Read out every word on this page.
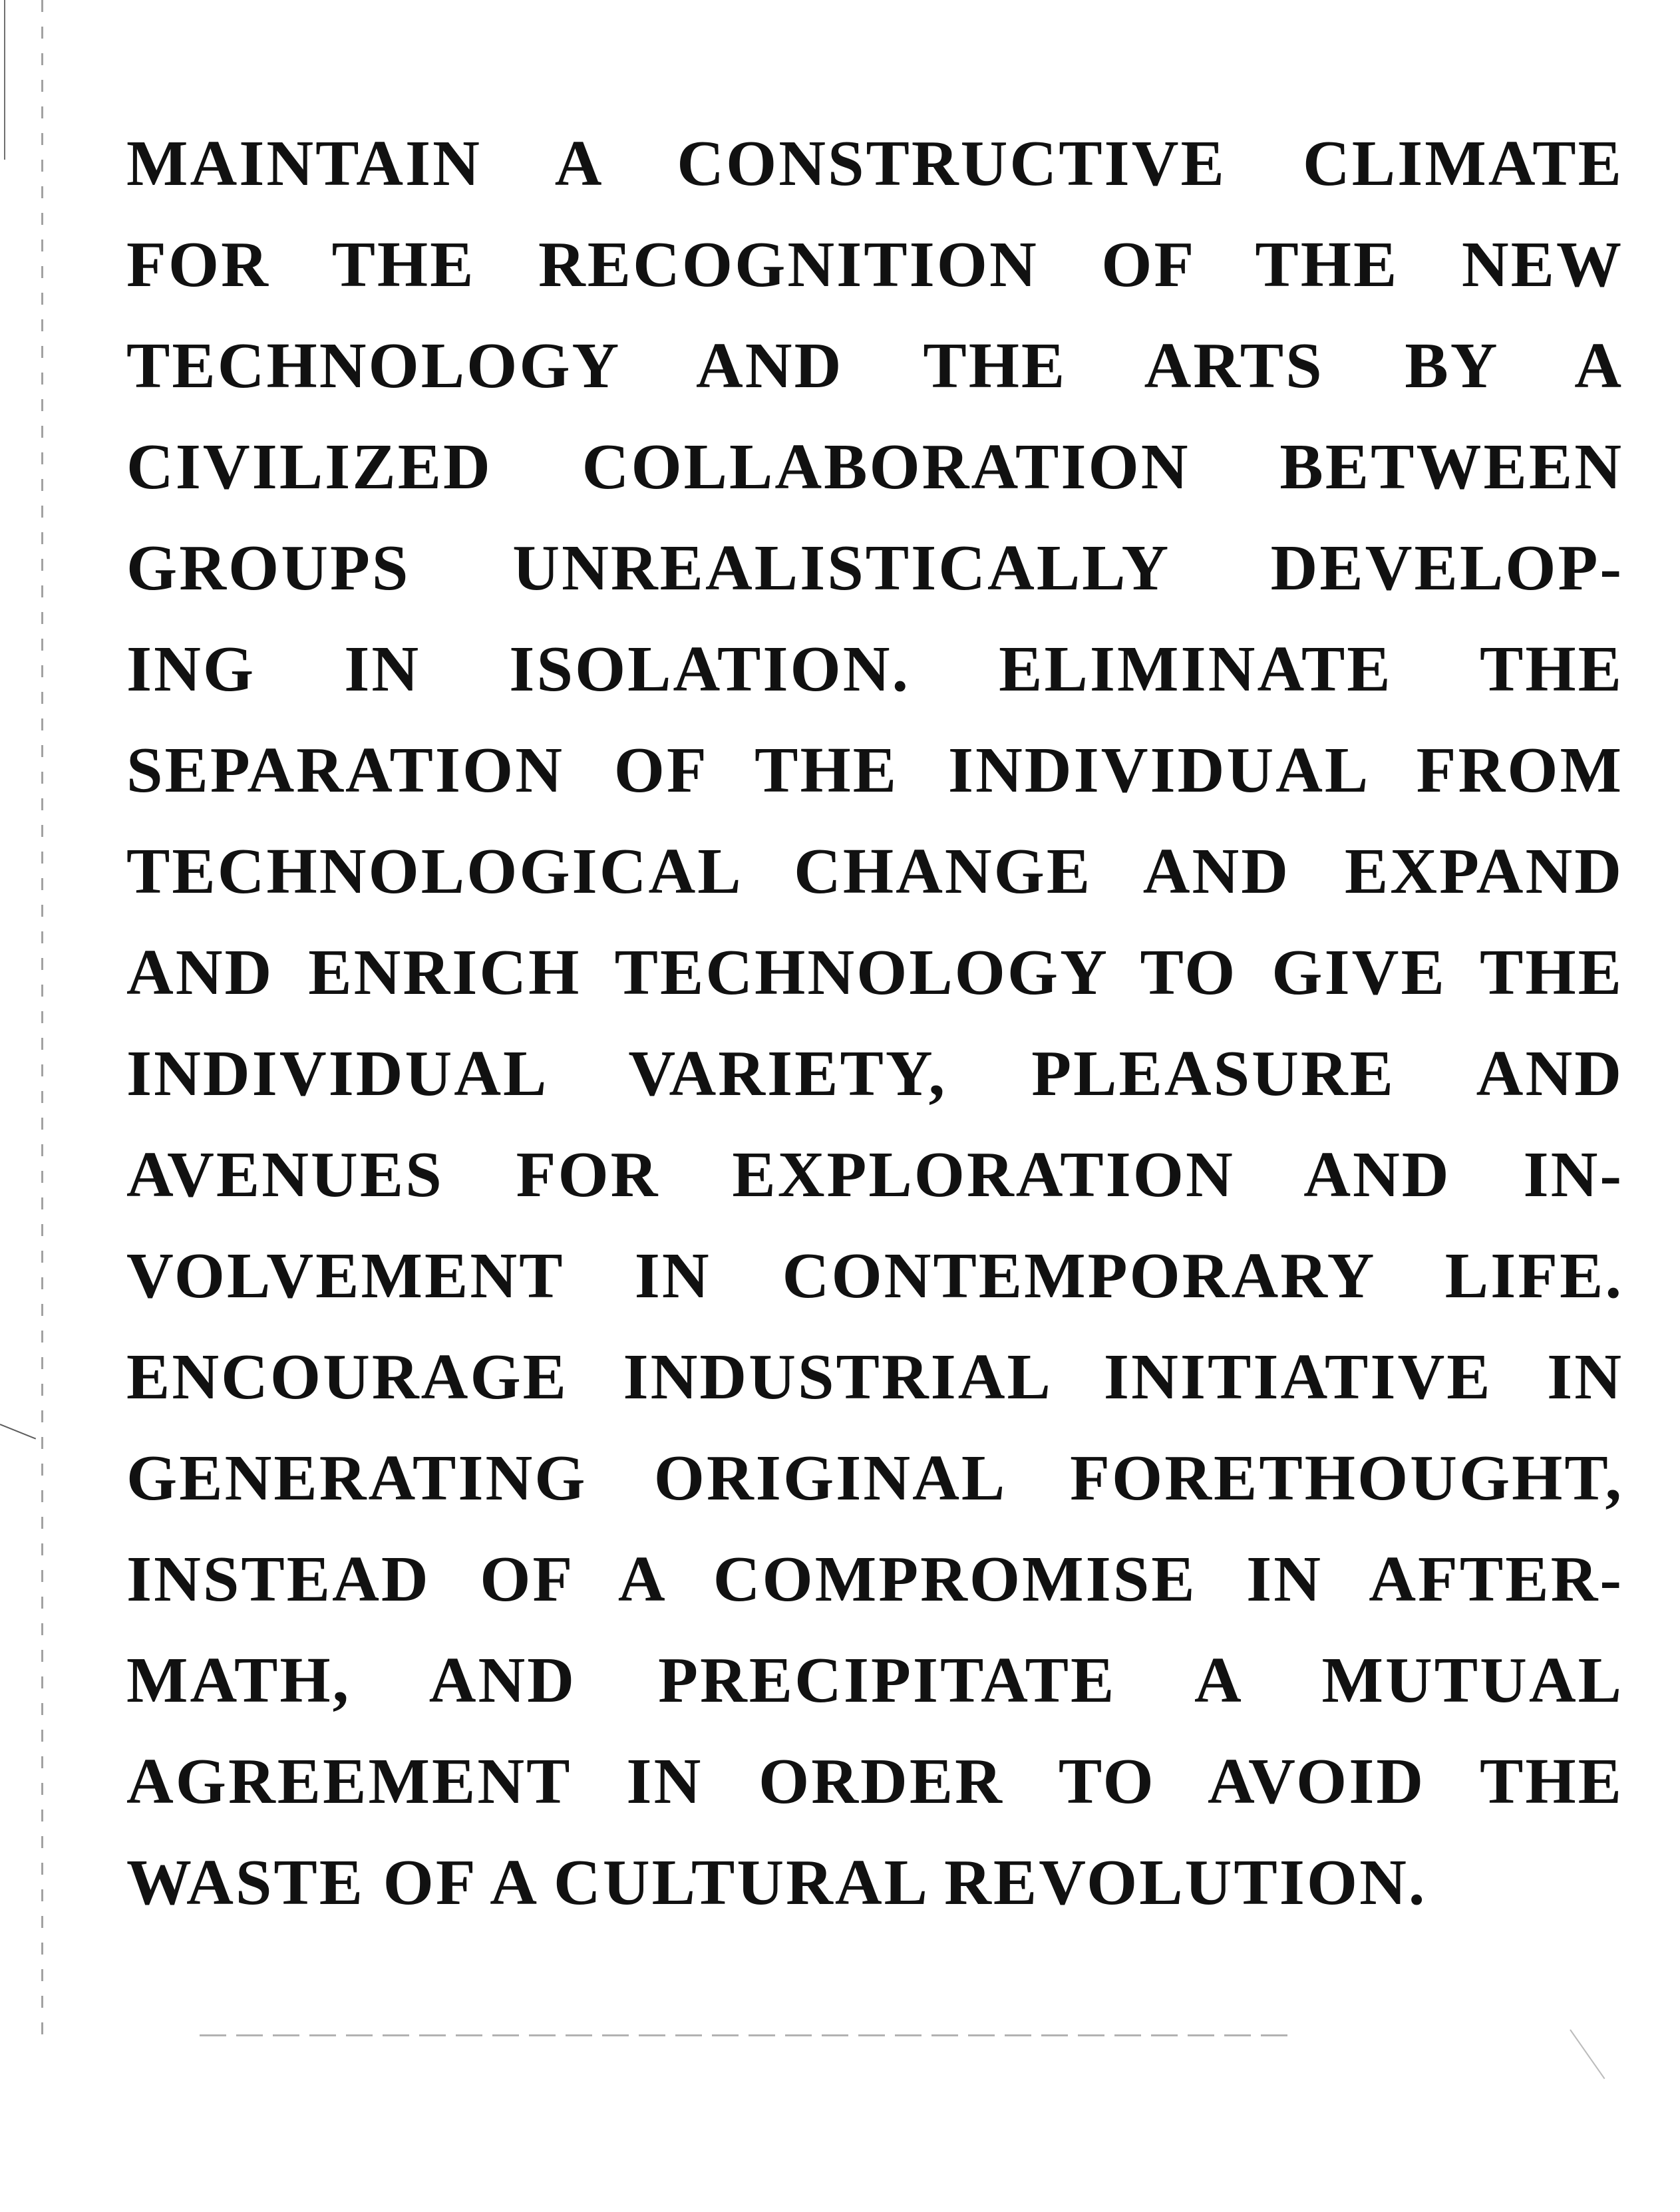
MAINTAIN A CONSTRUCTIVE CLIMATE
FOR THE RECOGNITION OF THE NEW
TECHNOLOGY AND THE ARTS BY A
CIVILIZED COLLABORATION BETWEEN
GROUPS UNREALISTICALLY DEVELOP-
ING IN ISOLATION. ELIMINATE THE
SEPARATION OF THE INDIVIDUAL FROM
TECHNOLOGICAL CHANGE AND EXPAND
AND ENRICH TECHNOLOGY TO GIVE THE
INDIVIDUAL VARIETY, PLEASURE AND
AVENUES FOR EXPLORATION AND IN-
VOLVEMENT IN CONTEMPORARY LIFE.
ENCOURAGE INDUSTRIAL INITIATIVE IN
GENERATING ORIGINAL FORETHOUGHT,
INSTEAD OF A COMPROMISE IN AFTER-
MATH, AND PRECIPITATE A MUTUAL
AGREEMENT IN ORDER TO AVOID THE
WASTE OF A CULTURAL REVOLUTION.
